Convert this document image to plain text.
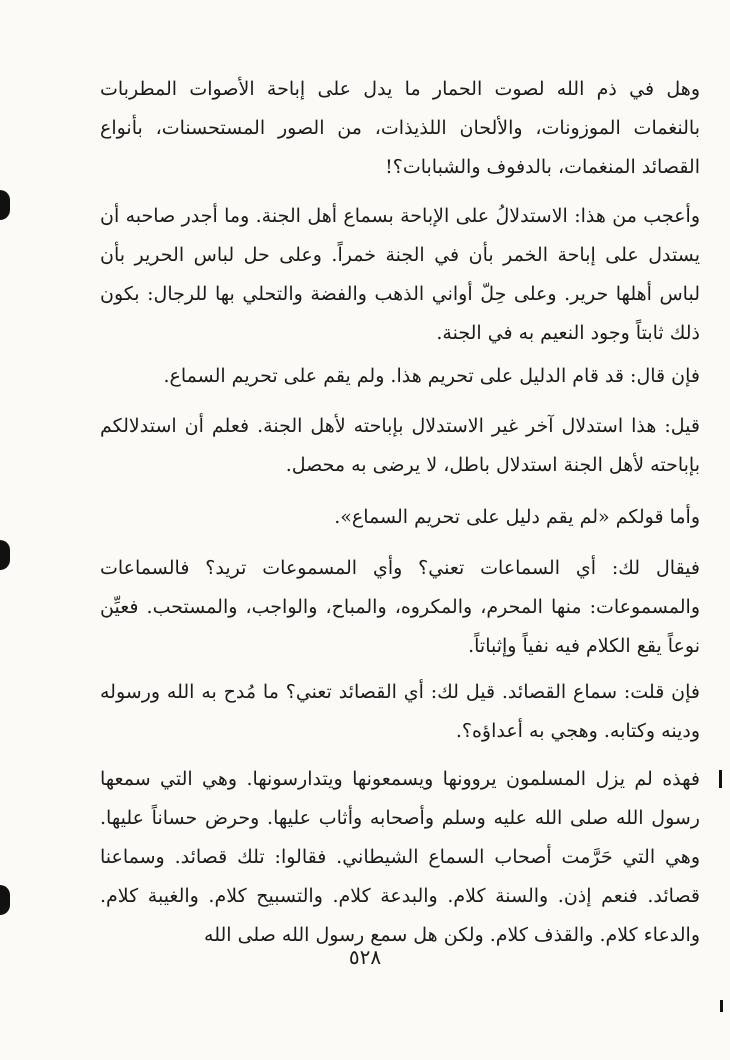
وهل في ذم الله لصوت الحمار ما يدل على إباحة الأصوات المطربات بالنغمات الموزونات، والألحان اللذيذات، من الصور المستحسنات، بأنواع القصائد المنغمات، بالدفوف والشبابات؟!

وأعجب من هذا: الاستدلالُ على الإباحة بسماع أهل الجنة. وما أجدر صاحبه أن يستدل على إباحة الخمر بأن في الجنة خمراً. وعلى حل لباس الحرير بأن لباس أهلها حرير. وعلى حِلّ أواني الذهب والفضة والتحلي بها للرجال: بكون ذلك ثابتاً وجود النعيم به في الجنة.

فإن قال: قد قام الدليل على تحريم هذا. ولم يقم على تحريم السماع.

قيل: هذا استدلال آخر غير الاستدلال بإباحته لأهل الجنة. فعلم أن استدلالكم بإباحته لأهل الجنة استدلال باطل، لا يرضى به محصل.

وأما قولكم «لم يقم دليل على تحريم السماع».

فيقال لك: أي السماعات تعني؟ وأي المسموعات تريد؟ فالسماعات والمسموعات: منها المحرم، والمكروه، والمباح، والواجب، والمستحب. فعيِّن نوعاً يقع الكلام فيه نفياً وإثباتاً.

فإن قلت: سماع القصائد. قيل لك: أي القصائد تعني؟ ما مُدح به الله ورسوله ودينه وكتابه. وهجي به أعداؤه؟.

فهذه لم يزل المسلمون يروونها ويسمعونها ويتدارسونها. وهي التي سمعها رسول الله صلى الله عليه وسلم وأصحابه وأثاب عليها. وحرض حساناً عليها. وهي التي حَرَّمت أصحاب السماع الشيطاني. فقالوا: تلك قصائد. وسماعنا قصائد. فنعم إذن. والسنة كلام. والبدعة كلام. والتسبيح كلام. والغيبة كلام. والدعاء كلام. والقذف كلام. ولكن هل سمع رسول الله صلى الله

٥٢٨
